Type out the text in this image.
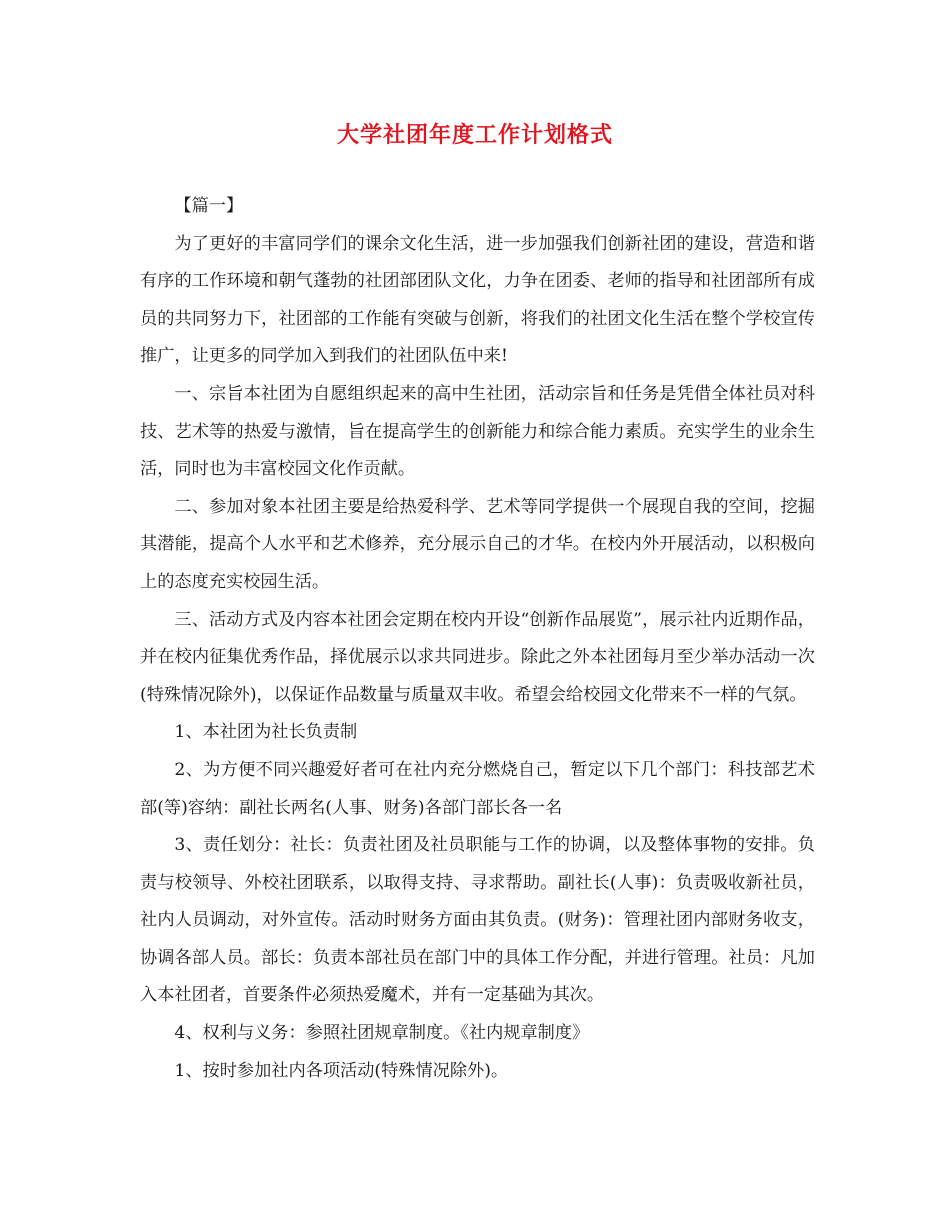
大学社团年度工作计划格式

【篇一】

为了更好的丰富同学们的课余文化生活，进一步加强我们创新社团的建设，营造和谐有序的工作环境和朝气蓬勃的社团部团队文化，力争在团委、老师的指导和社团部所有成员的共同努力下，社团部的工作能有突破与创新，将我们的社团文化生活在整个学校宣传推广，让更多的同学加入到我们的社团队伍中来!

一、宗旨本社团为自愿组织起来的高中生社团，活动宗旨和任务是凭借全体社员对科技、艺术等的热爱与激情，旨在提高学生的创新能力和综合能力素质。充实学生的业余生活，同时也为丰富校园文化作贡献。

二、参加对象本社团主要是给热爱科学、艺术等同学提供一个展现自我的空间，挖掘其潜能，提高个人水平和艺术修养，充分展示自己的才华。在校内外开展活动，以积极向上的态度充实校园生活。

三、活动方式及内容本社团会定期在校内开设“创新作品展览”，展示社内近期作品，并在校内征集优秀作品，择优展示以求共同进步。除此之外本社团每月至少举办活动一次(特殊情况除外)，以保证作品数量与质量双丰收。希望会给校园文化带来不一样的气氛。

1、本社团为社长负责制

2、为方便不同兴趣爱好者可在社内充分燃烧自己，暂定以下几个部门：科技部艺术部(等)容纳：副社长两名(人事、财务)各部门部长各一名

3、责任划分：社长：负责社团及社员职能与工作的协调，以及整体事物的安排。负责与校领导、外校社团联系，以取得支持、寻求帮助。副社长(人事)：负责吸收新社员，社内人员调动，对外宣传。活动时财务方面由其负责。(财务)：管理社团内部财务收支，协调各部人员。部长：负责本部社员在部门中的具体工作分配，并进行管理。社员：凡加入本社团者，首要条件必须热爱魔术，并有一定基础为其次。

4、权利与义务：参照社团规章制度。《社内规章制度》

1、按时参加社内各项活动(特殊情况除外)。
